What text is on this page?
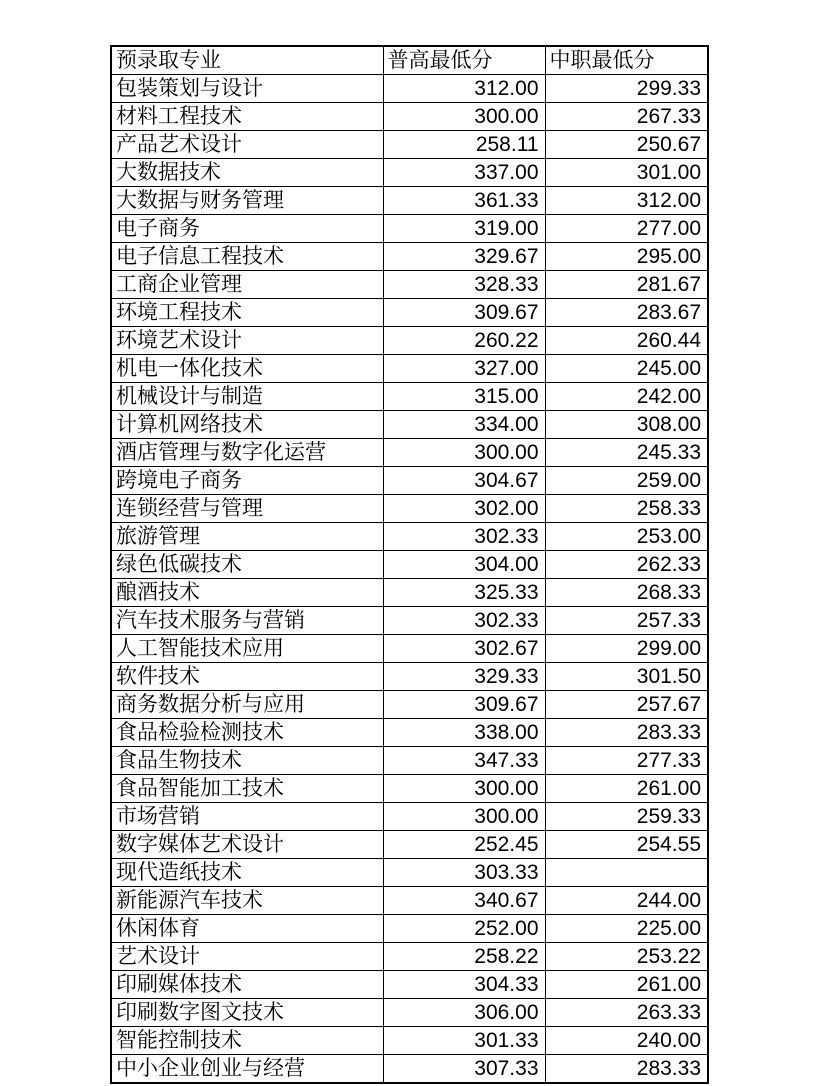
预录取专业	普高最低分	中职最低分
包装策划与设计	312.00	299.33
材料工程技术	300.00	267.33
产品艺术设计	258.11	250.67
大数据技术	337.00	301.00
大数据与财务管理	361.33	312.00
电子商务	319.00	277.00
电子信息工程技术	329.67	295.00
工商企业管理	328.33	281.67
环境工程技术	309.67	283.67
环境艺术设计	260.22	260.44
机电一体化技术	327.00	245.00
机械设计与制造	315.00	242.00
计算机网络技术	334.00	308.00
酒店管理与数字化运营	300.00	245.33
跨境电子商务	304.67	259.00
连锁经营与管理	302.00	258.33
旅游管理	302.33	253.00
绿色低碳技术	304.00	262.33
酿酒技术	325.33	268.33
汽车技术服务与营销	302.33	257.33
人工智能技术应用	302.67	299.00
软件技术	329.33	301.50
商务数据分析与应用	309.67	257.67
食品检验检测技术	338.00	283.33
食品生物技术	347.33	277.33
食品智能加工技术	300.00	261.00
市场营销	300.00	259.33
数字媒体艺术设计	252.45	254.55
现代造纸技术	303.33	
新能源汽车技术	340.67	244.00
休闲体育	252.00	225.00
艺术设计	258.22	253.22
印刷媒体技术	304.33	261.00
印刷数字图文技术	306.00	263.33
智能控制技术	301.33	240.00
中小企业创业与经营	307.33	283.33
